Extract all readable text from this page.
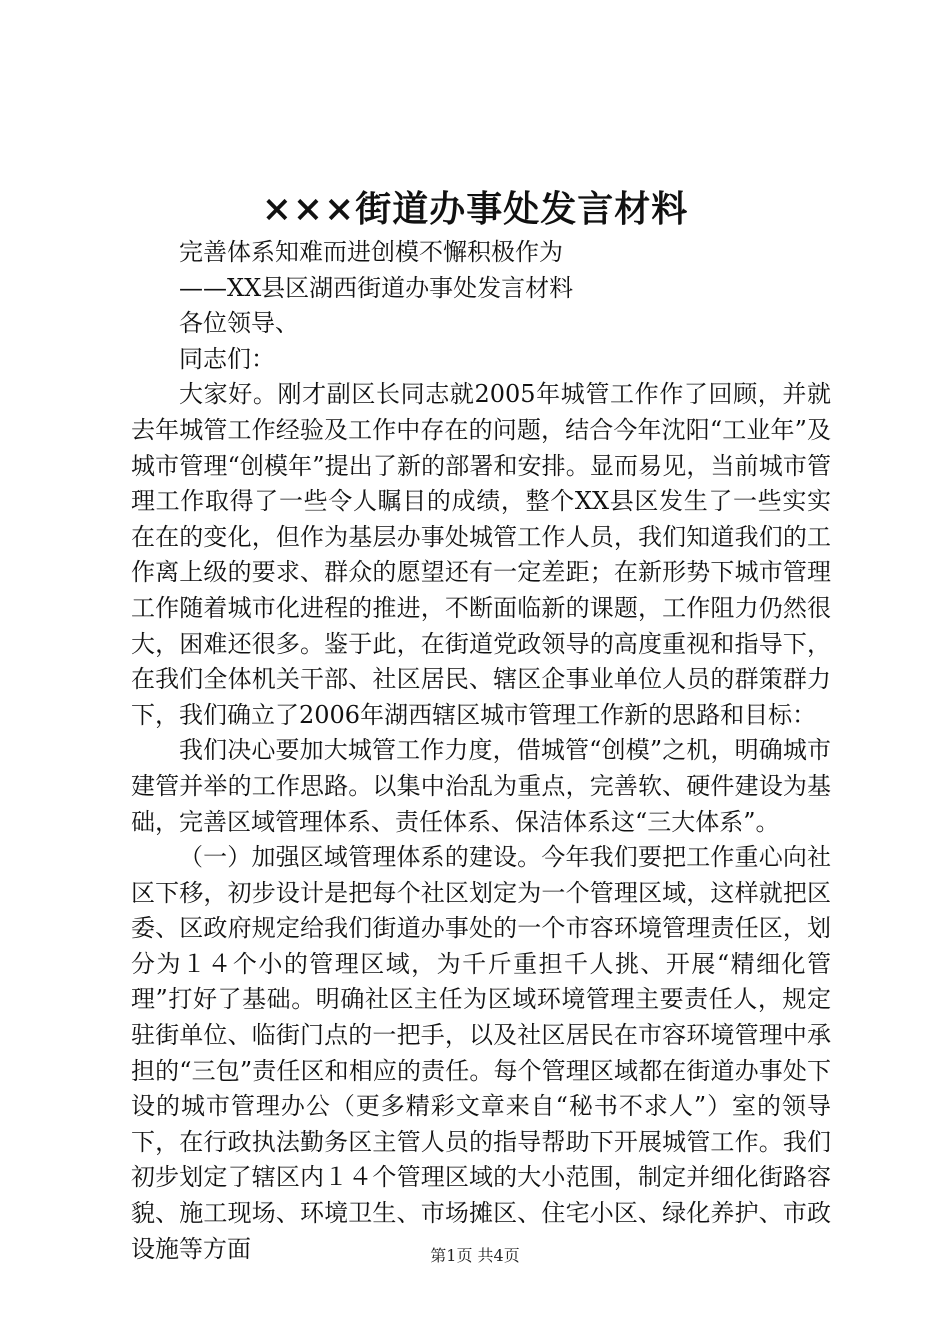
×××街道办事处发言材料

完善体系知难而进创模不懈积极作为

——XX县区湖西街道办事处发言材料

各位领导、

同志们：

大家好。刚才副区长同志就2005年城管工作作了回顾，并就去年城管工作经验及工作中存在的问题，结合今年沈阳“工业年”及城市管理“创模年”提出了新的部署和安排。显而易见，当前城市管理工作取得了一些令人瞩目的成绩，整个XX县区发生了一些实实在在的变化，但作为基层办事处城管工作人员，我们知道我们的工作离上级的要求、群众的愿望还有一定差距；在新形势下城市管理工作随着城市化进程的推进，不断面临新的课题，工作阻力仍然很大，困难还很多。鉴于此，在街道党政领导的高度重视和指导下，在我们全体机关干部、社区居民、辖区企事业单位人员的群策群力下，我们确立了2006年湖西辖区城市管理工作新的思路和目标：

我们决心要加大城管工作力度，借城管“创模”之机，明确城市建管并举的工作思路。以集中治乱为重点，完善软、硬件建设为基础，完善区域管理体系、责任体系、保洁体系这“三大体系”。

（一）加强区域管理体系的建设。今年我们要把工作重心向社区下移，初步设计是把每个社区划定为一个管理区域，这样就把区委、区政府规定给我们街道办事处的一个市容环境管理责任区，划分为１４个小的管理区域，为千斤重担千人挑、开展“精细化管理”打好了基础。明确社区主任为区域环境管理主要责任人，规定驻街单位、临街门点的一把手，以及社区居民在市容环境管理中承担的“三包”责任区和相应的责任。每个管理区域都在街道办事处下设的城市管理办公（更多精彩文章来自“秘书不求人”）室的领导下，在行政执法勤务区主管人员的指导帮助下开展城管工作。我们初步划定了辖区内１４个管理区域的大小范围，制定并细化街路容貌、施工现场、环境卫生、市场摊区、住宅小区、绿化养护、市政设施等方面	第1页 共4页
